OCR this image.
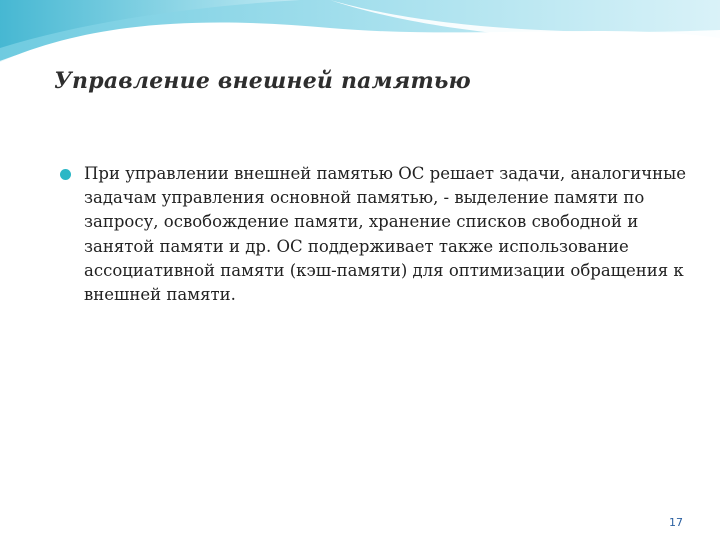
Управление внешней памятью
При управлении внешней памятью ОС решает задачи, аналогичные задачам управления основной памятью, - выделение памяти по запросу, освобождение памяти, хранение списков свободной и занятой памяти и др. ОС поддерживает также использование ассоциативной памяти (кэш-памяти) для оптимизации обращения к внешней памяти.
17
